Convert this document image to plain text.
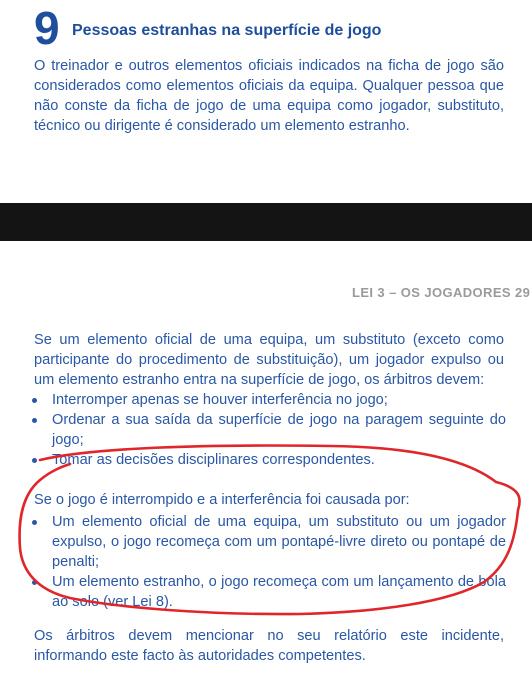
9 Pessoas estranhas na superfície de jogo
O treinador e outros elementos oficiais indicados na ficha de jogo são considerados como elementos oficiais da equipa. Qualquer pessoa que não conste da ficha de jogo de uma equipa como jogador, substituto, técnico ou dirigente é considerado um elemento estranho.
LEI 3 – OS JOGADORES 29
Se um elemento oficial de uma equipa, um substituto (exceto como participante do procedimento de substituição), um jogador expulso ou um elemento estranho entra na superfície de jogo, os árbitros devem:
Interromper apenas se houver interferência no jogo;
Ordenar a sua saída da superfície de jogo na paragem seguinte do jogo;
Tomar as decisões disciplinares correspondentes.
Se o jogo é interrompido e a interferência foi causada por:
Um elemento oficial de uma equipa, um substituto ou um jogador expulso, o jogo recomeça com um pontapé-livre direto ou pontapé de penalti;
Um elemento estranho, o jogo recomeça com um lançamento de bola ao solo (ver Lei 8).
Os árbitros devem mencionar no seu relatório este incidente, informando este facto às autoridades competentes.
